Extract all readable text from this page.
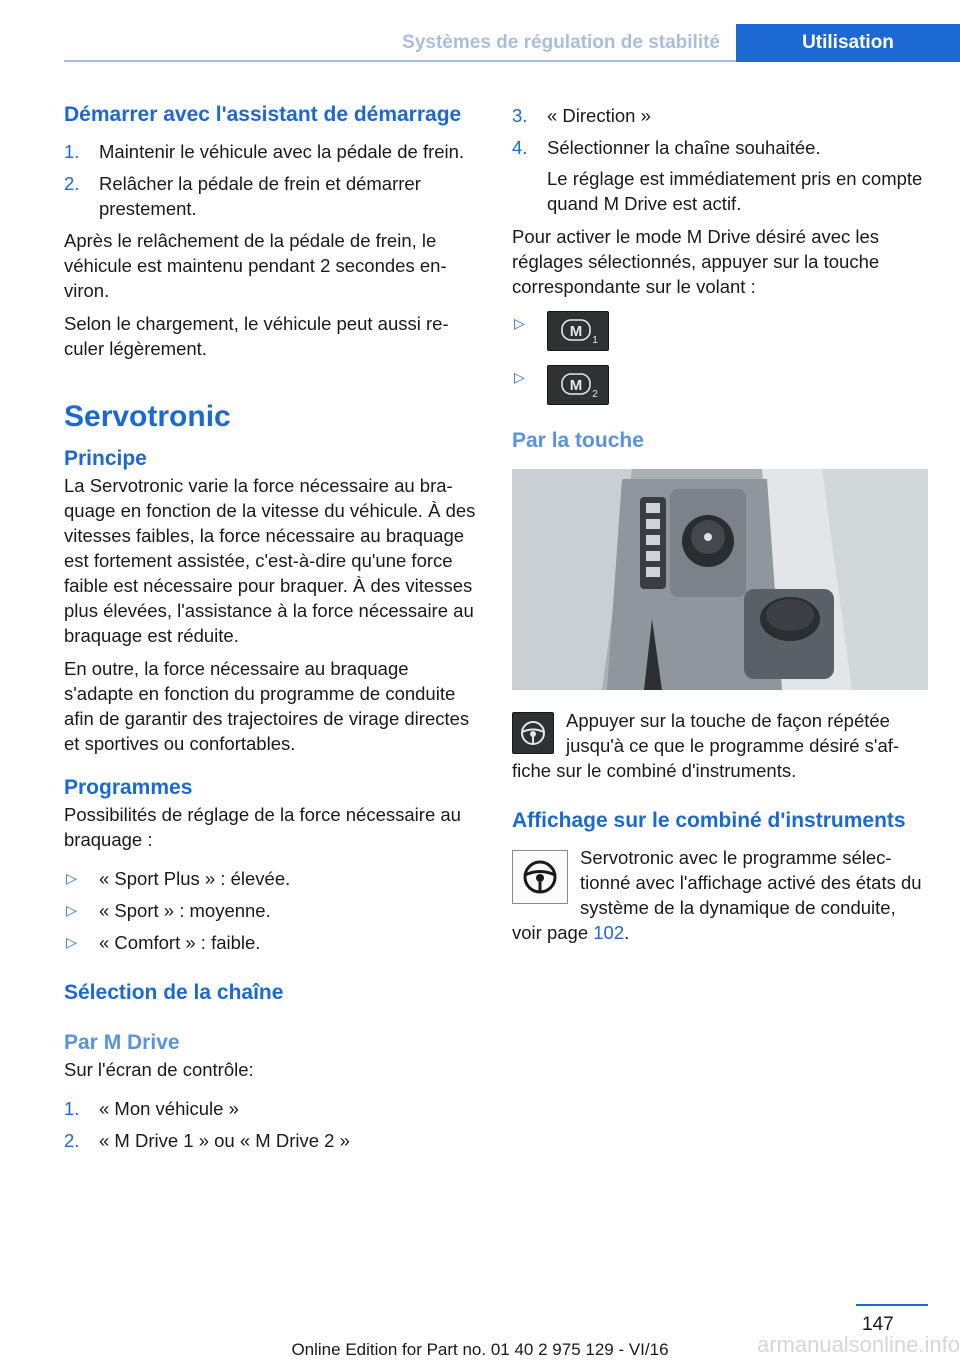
Systèmes de régulation de stabilité	Utilisation
Démarrer avec l'assistant de démarrage
1. Maintenir le véhicule avec la pédale de frein.
2. Relâcher la pédale de frein et démarrer prestement.

Après le relâchement de la pédale de frein, le véhicule est maintenu pendant 2 secondes environ.

Selon le chargement, le véhicule peut aussi reculer légèrement.

Servotronic
Principe

La Servotronic varie la force nécessaire au braquage en fonction de la vitesse du véhicule. À des vitesses faibles, la force nécessaire au braquage est fortement assistée, c'est-à-dire qu'une force faible est nécessaire pour braquer. À des vitesses plus élevées, l'assistance à la force nécessaire au braquage est réduite.

En outre, la force nécessaire au braquage s'adapte en fonction du programme de conduite afin de garantir des trajectoires de virage directes et sportives ou confortables.

Programmes

Possibilités de réglage de la force nécessaire au braquage :

▷ « Sport Plus » : élevée.
▷ « Sport » : moyenne.
▷ « Comfort » : faible.
Sélection de la chaîne
Par M Drive

Sur l'écran de contrôle:

1. « Mon véhicule »
2. « M Drive 1 » ou « M Drive 2 »
3. « Direction »
4. Sélectionner la chaîne souhaitée.

Le réglage est immédiatement pris en compte quand M Drive est actif.

Pour activer le mode M Drive désiré avec les réglages sélectionnés, appuyer sur la touche correspondante sur le volant :

▷	M
1
▷	M
2
Par la touche

Appuyer sur la touche de façon répétée jusqu'à ce que le programme désiré s'affiche sur le combiné d'instruments.

Affichage sur le combiné d'instruments

Servotronic avec le programme sélectionné avec l'affichage activé des états du système de la dynamique de conduite, voir page 102.

147
Online Edition for Part no. 01 40 2 975 129 - VI/16	armanualsonline.info
